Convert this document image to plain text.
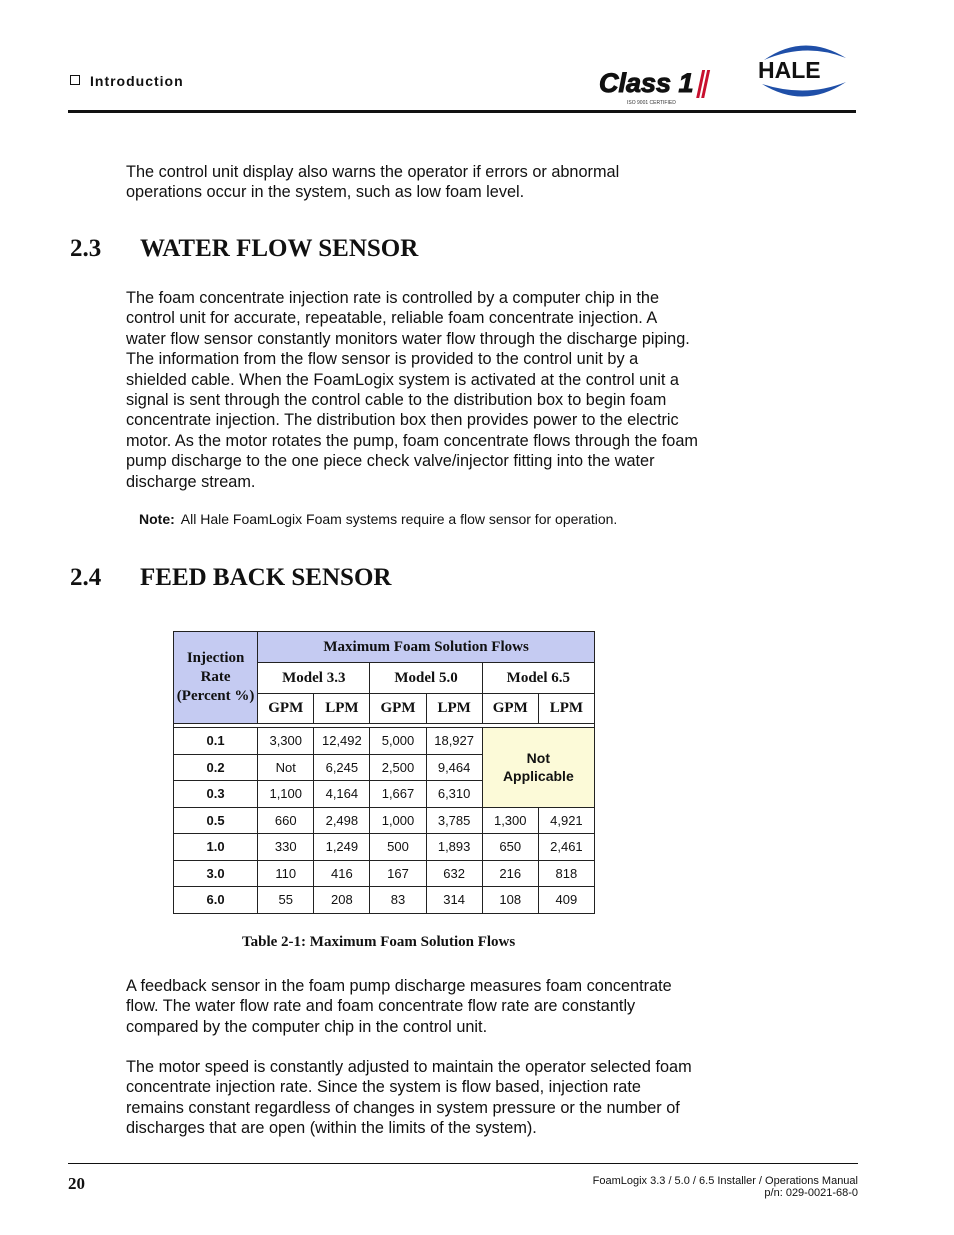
Introduction	Class 1
ISO 9001 CERTIFIED
HALE

The control unit display also warns the operator if errors or abnormal operations occur in the system, such as low foam level.

2.3 WATER FLOW SENSOR

The foam concentrate injection rate is controlled by a computer chip in the control unit for accurate, repeatable, reliable foam concentrate injection. A water flow sensor constantly monitors water flow through the discharge piping. The information from the flow sensor is provided to the control unit by a shielded cable. When the FoamLogix system is activated at the control unit a signal is sent through the control cable to the distribution box to begin foam concentrate injection. The distribution box then provides power to the electric motor. As the motor rotates the pump, foam concentrate flows through the foam pump discharge to the one piece check valve/injector fitting into the water discharge stream.

Note: All Hale FoamLogix Foam systems require a flow sensor for operation.
2.4 FEED BACK SENSOR
Injection Rate (Percent %)	Maximum Foam Solution Flows					
	Model 3.3		Model 5.0		Model 6.5	
	GPM	LPM	GPM	LPM	GPM	LPM

0.1	3,300	12,492	5,000	18,927	Not Applicable	
0.2	Not	6,245	2,500	9,464		
0.3	1,100	4,164	1,667	6,310		
0.5	660	2,498	1,000	3,785	1,300	4,921
1.0	330	1,249	500	1,893	650	2,461
3.0	110	416	167	632	216	818
6.0	55	208	83	314	108	409
Table 2-1: Maximum Foam Solution Flows

A feedback sensor in the foam pump discharge measures foam concentrate flow. The water flow rate and foam concentrate flow rate are constantly compared by the computer chip in the control unit.

The motor speed is constantly adjusted to maintain the operator selected foam concentrate injection rate. Since the system is flow based, injection rate remains constant regardless of changes in system pressure or the number of discharges that are open (within the limits of the system).

20	FoamLogix 3.3 / 5.0 / 6.5 Installer / Operations Manual
p/n: 029-0021-68-0
